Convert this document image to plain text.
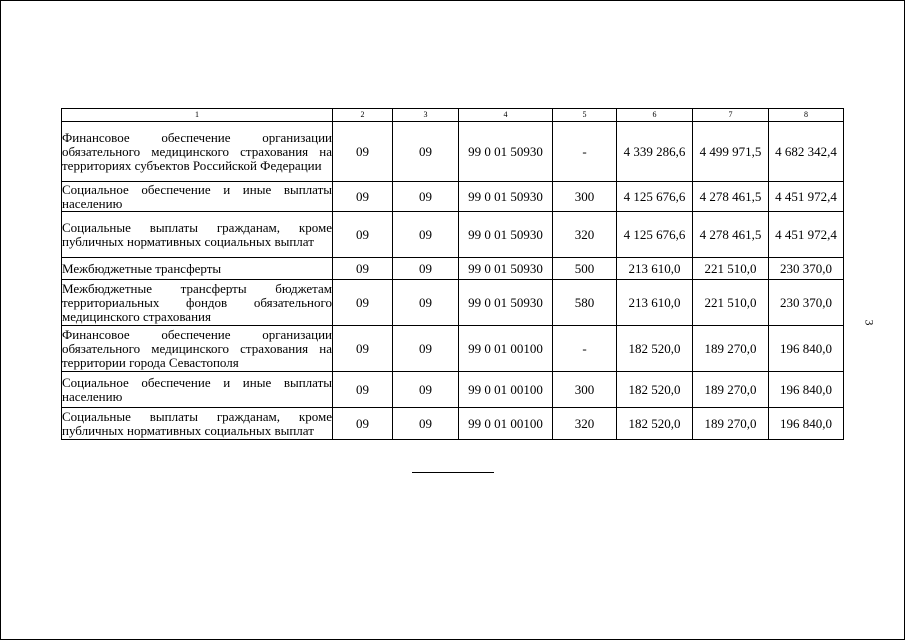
1	2	3	4	5	6	7	8
Финансовое обеспечение организации обязательного медицинского страхования на территориях субъектов Российской Федерации	09	09	99 0 01 50930	-	4 339 286,6	4 499 971,5	4 682 342,4
Социальное обеспечение и иные выплаты населению	09	09	99 0 01 50930	300	4 125 676,6	4 278 461,5	4 451 972,4
Социальные выплаты гражданам, кроме публичных нормативных социальных выплат	09	09	99 0 01 50930	320	4 125 676,6	4 278 461,5	4 451 972,4
Межбюджетные трансферты	09	09	99 0 01 50930	500	213 610,0	221 510,0	230 370,0
Межбюджетные трансферты бюджетам территориальных фондов обязательного медицинского страхования	09	09	99 0 01 50930	580	213 610,0	221 510,0	230 370,0
Финансовое обеспечение организации обязательного медицинского страхования на территории города Севастополя	09	09	99 0 01 00100	-	182 520,0	189 270,0	196 840,0
Социальное обеспечение и иные выплаты населению	09	09	99 0 01 00100	300	182 520,0	189 270,0	196 840,0
Социальные выплаты гражданам, кроме публичных нормативных социальных выплат	09	09	99 0 01 00100	320	182 520,0	189 270,0	196 840,0
3
